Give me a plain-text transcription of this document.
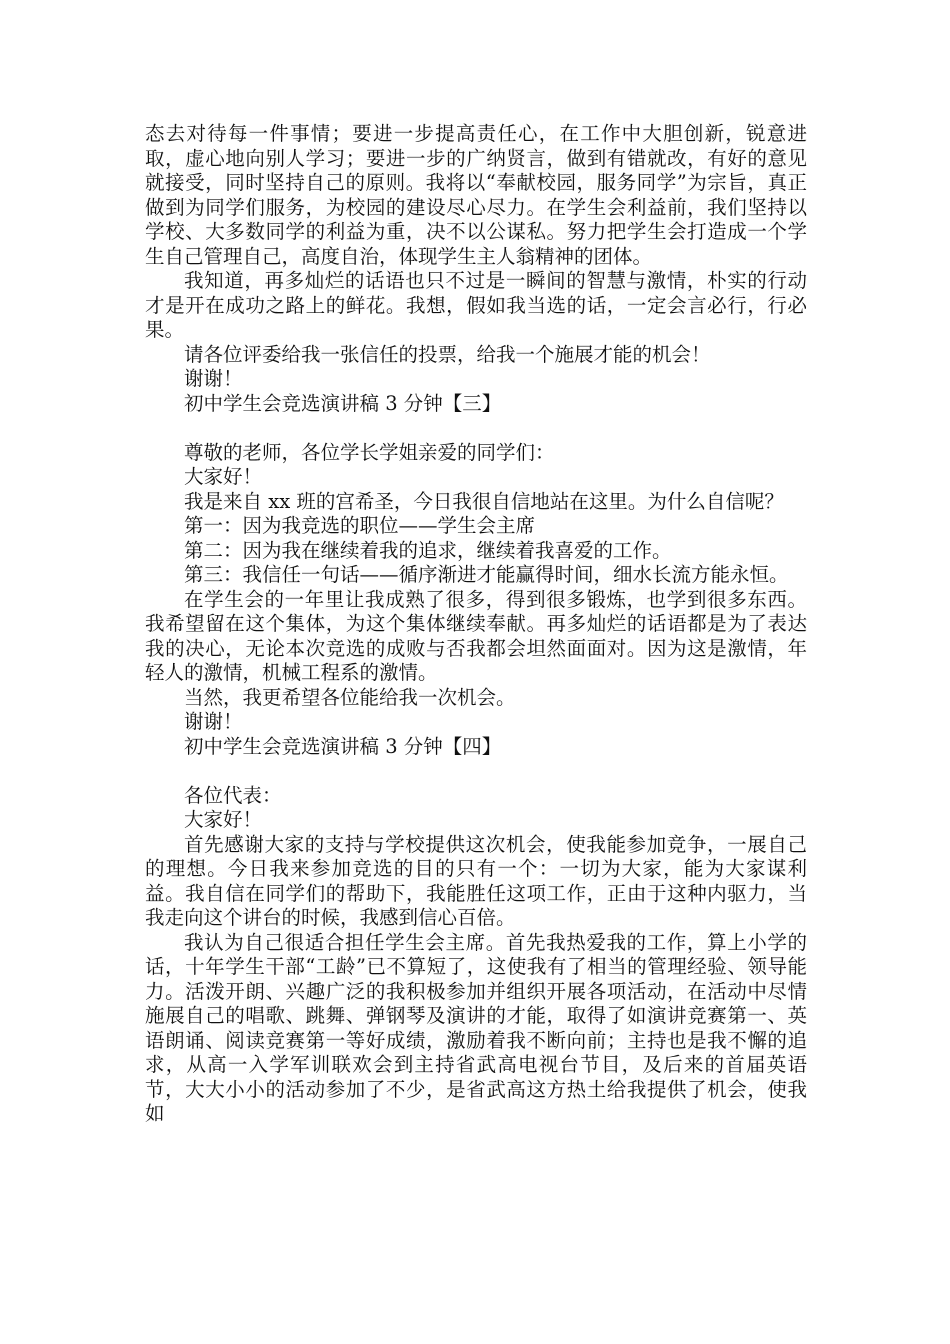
态去对待每一件事情；要进一步提高责任心，在工作中大胆创新，锐意进取，虚心地向别人学习；要进一步的广纳贤言，做到有错就改，有好的意见就接受，同时坚持自己的原则。我将以“奉献校园，服务同学”为宗旨，真正做到为同学们服务，为校园的建设尽心尽力。在学生会利益前，我们坚持以学校、大多数同学的利益为重，决不以公谋私。努力把学生会打造成一个学生自己管理自己，高度自治，体现学生主人翁精神的团体。

我知道，再多灿烂的话语也只不过是一瞬间的智慧与激情，朴实的行动才是开在成功之路上的鲜花。我想，假如我当选的话，一定会言必行，行必果。

请各位评委给我一张信任的投票，给我一个施展才能的机会！

谢谢！

初中学生会竞选演讲稿 3 分钟【三】

尊敬的老师，各位学长学姐亲爱的同学们：

大家好！

我是来自 xx 班的宫希圣，今日我很自信地站在这里。为什么自信呢？

第一：因为我竞选的职位——学生会主席

第二：因为我在继续着我的追求，继续着我喜爱的工作。

第三：我信任一句话——循序渐进才能赢得时间，细水长流方能永恒。

在学生会的一年里让我成熟了很多，得到很多锻炼，也学到很多东西。我希望留在这个集体，为这个集体继续奉献。再多灿烂的话语都是为了表达我的决心，无论本次竞选的成败与否我都会坦然面面对。因为这是激情，年轻人的激情，机械工程系的激情。

当然，我更希望各位能给我一次机会。

谢谢！

初中学生会竞选演讲稿 3 分钟【四】

各位代表：

大家好！

首先感谢大家的支持与学校提供这次机会，使我能参加竞争，一展自己的理想。今日我来参加竞选的目的只有一个：一切为大家，能为大家谋利益。我自信在同学们的帮助下，我能胜任这项工作，正由于这种内驱力，当我走向这个讲台的时候，我感到信心百倍。

我认为自己很适合担任学生会主席。首先我热爱我的工作，算上小学的话，十年学生干部“工龄”已不算短了，这使我有了相当的管理经验、领导能力。活泼开朗、兴趣广泛的我积极参加并组织开展各项活动，在活动中尽情施展自己的唱歌、跳舞、弹钢琴及演讲的才能，取得了如演讲竞赛第一、英语朗诵、阅读竞赛第一等好成绩，激励着我不断向前；主持也是我不懈的追求，从高一入学军训联欢会到主持省武高电视台节目，及后来的首届英语节，大大小小的活动参加了不少，是省武高这方热土给我提供了机会，使我如
